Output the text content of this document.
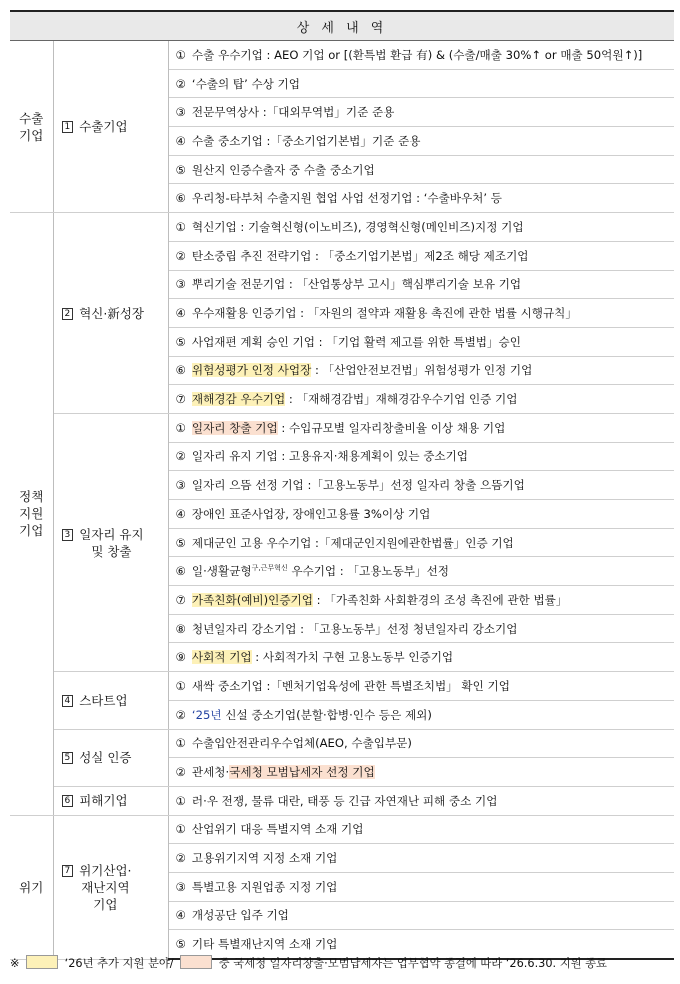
상 세 내 역		
수출
기업	1 수출기업	① 수출 우수기업 : AEO 기업 or [(환특법 환급 有) & (수출/매출 30%↑ or 매출 50억원↑)]
		② ‘수출의 탑’ 수상 기업
		③ 전문무역상사 :「대외무역법」기준 준용
		④ 수출 중소기업 :「중소기업기본법」기준 준용
		⑤ 원산지 인증수출자 중 수출 중소기업
		⑥ 우리청-타부처 수출지원 협업 사업 선정기업 : ‘수출바우처’ 등
정책
지원
기업	2 혁신·新성장	① 혁신기업 : 기술혁신형(이노비즈), 경영혁신형(메인비즈)지정 기업
		② 탄소중립 추진 전략기업 : 「중소기업기본법」제2조 해당 제조기업
		③ 뿌리기술 전문기업 : 「산업통상부 고시」핵심뿌리기술 보유 기업
		④ 우수재활용 인증기업 : 「자원의 절약과 재활용 촉진에 관한 법률 시행규칙」
		⑤ 사업재편 계획 승인 기업 : 「기업 활력 제고를 위한 특별법」승인
		⑥ 위험성평가 인정 사업장 : 「산업안전보건법」위험성평가 인정 기업
		⑦ 재해경감 우수기업 : 「재해경감법」재해경감우수기업 인증 기업
	3 일자리 유지
및 창출	① 일자리 창출 기업 : 수입규모별 일자리창출비율 이상 채용 기업
		② 일자리 유지 기업 : 고용유지·채용계획이 있는 중소기업
		③ 일자리 으뜸 선정 기업 :「고용노동부」선정 일자리 창출 으뜸기업
		④ 장애인 표준사업장, 장애인고용률 3%이상 기업
		⑤ 제대군인 고용 우수기업 :「제대군인지원에관한법률」인증 기업
		⑥ 일·생활균형$^{구,근무혁신}$ 우수기업 : 「고용노동부」선정
		⑦ 가족친화(예비)인증기업 : 「가족친화 사회환경의 조성 촉진에 관한 법률」
		⑧ 청년일자리 강소기업 : 「고용노동부」선정 청년일자리 강소기업
		⑨ 사회적 기업 : 사회적가치 구현 고용노동부 인증기업
	4 스타트업	① 새싹 중소기업 :「벤처기업육성에 관한 특별조치법」 확인 기업
		② ‘25년 신설 중소기업(분할·합병·인수 등은 제외)
	5 성실 인증	① 수출입안전관리우수업체(AEO, 수출입부문)
		② 관세청·국세청 모범납세자 선정 기업
	6 피해기업	① 러·우 전쟁, 물류 대란, 태풍 등 긴급 자연재난 피해 중소 기업
위기	7 위기산업·
재난지역
기업	① 산업위기 대응 특별지역 소재 기업
		② 고용위기지역 지정 소재 기업
		③ 특별고용 지원업종 지정 기업
		④ 개성공단 입주 기업
		⑤ 기타 특별재난지역 소재 기업
※	‘26년 추가 지원 분야/	중 국세청 일자리창출·모범납세자는 업무협약 종결에 따라 ‘26.6.30. 지원 종료
